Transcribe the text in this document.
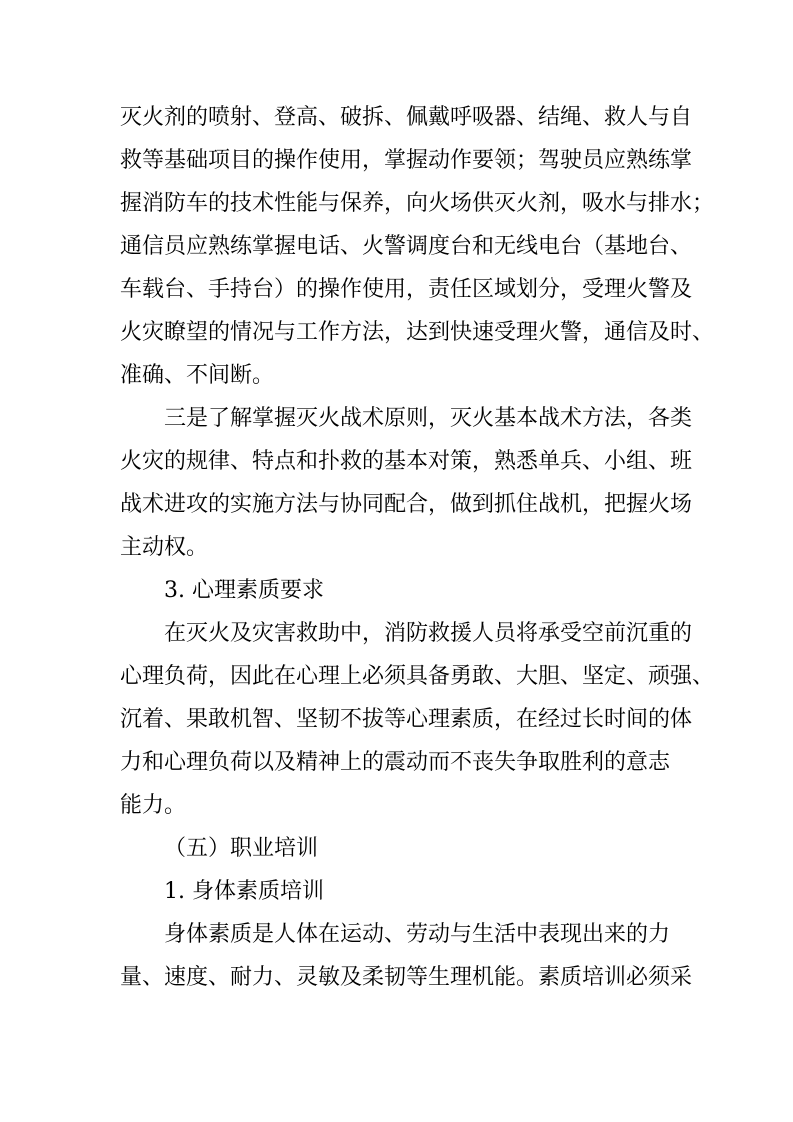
灭火剂的喷射、登高、破拆、佩戴呼吸器、结绳、救人与自
救等基础项目的操作使用，掌握动作要领；驾驶员应熟练掌
握消防车的技术性能与保养，向火场供灭火剂，吸水与排水；
通信员应熟练掌握电话、火警调度台和无线电台（基地台、
车载台、手持台）的操作使用，责任区域划分，受理火警及
火灾瞭望的情况与工作方法，达到快速受理火警，通信及时、
准确、不间断。
三是了解掌握灭火战术原则，灭火基本战术方法，各类
火灾的规律、特点和扑救的基本对策，熟悉单兵、小组、班
战术进攻的实施方法与协同配合，做到抓住战机，把握火场
主动权。
3. 心理素质要求
在灭火及灾害救助中，消防救援人员将承受空前沉重的
心理负荷，因此在心理上必须具备勇敢、大胆、坚定、顽强、
沉着、果敢机智、坚韧不拔等心理素质，在经过长时间的体
力和心理负荷以及精神上的震动而不丧失争取胜利的意志
能力。
（五）职业培训
1. 身体素质培训
身体素质是人体在运动、劳动与生活中表现出来的力
量、速度、耐力、灵敏及柔韧等生理机能。素质培训必须采
